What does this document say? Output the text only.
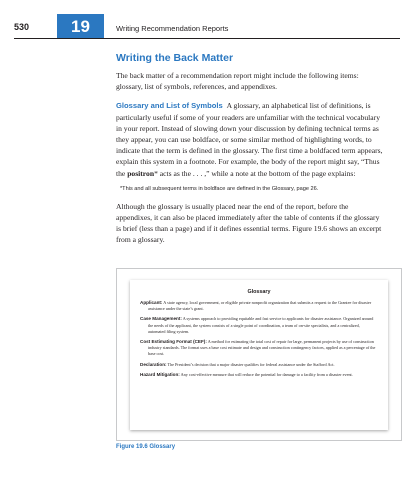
530	19	Writing Recommendation Reports
Writing the Back Matter

The back matter of a recommendation report might include the following items: glossary, list of symbols, references, and appendixes.

Glossary and List of Symbols A glossary, an alphabetical list of definitions, is particularly useful if some of your readers are unfamiliar with the technical vocabulary in your report. Instead of slowing down your discussion by defining technical terms as they appear, you can use boldface, or some similar method of highlighting words, to indicate that the term is defined in the glossary. The first time a boldfaced term appears, explain this system in a footnote. For example, the body of the report might say, “Thus the positron* acts as the . . . ,” while a note at the bottom of the page explains:

*This and all subsequent terms in boldface are defined in the Glossary, page 26.

Although the glossary is usually placed near the end of the report, before the appendixes, it can also be placed immediately after the table of contents if the glossary is brief (less than a page) and if it defines essential terms. Figure 19.6 shows an excerpt from a glossary.

Glossary
Applicant: A state agency, local government, or eligible private nonprofit organization that submits a request to the Grantee for disaster assistance under the state’s grant.
Case Management: A systems approach to providing equitable and fast service to applicants for disaster assistance. Organized around the needs of the applicant, the system consists of a single point of coordination, a team of on-site specialists, and a centralized, automated filing system.
Cost Estimating Format (CEF): A method for estimating the total cost of repair for large, permanent projects by use of construction industry standards. The format uses a base cost estimate and design and construction contingency factors, applied as a percentage of the base cost.
Declaration: The President’s decision that a major disaster qualifies for federal assistance under the Stafford Act.
Hazard Mitigation: Any cost-effective measure that will reduce the potential for damage to a facility from a disaster event.
Figure 19.6 Glossary
